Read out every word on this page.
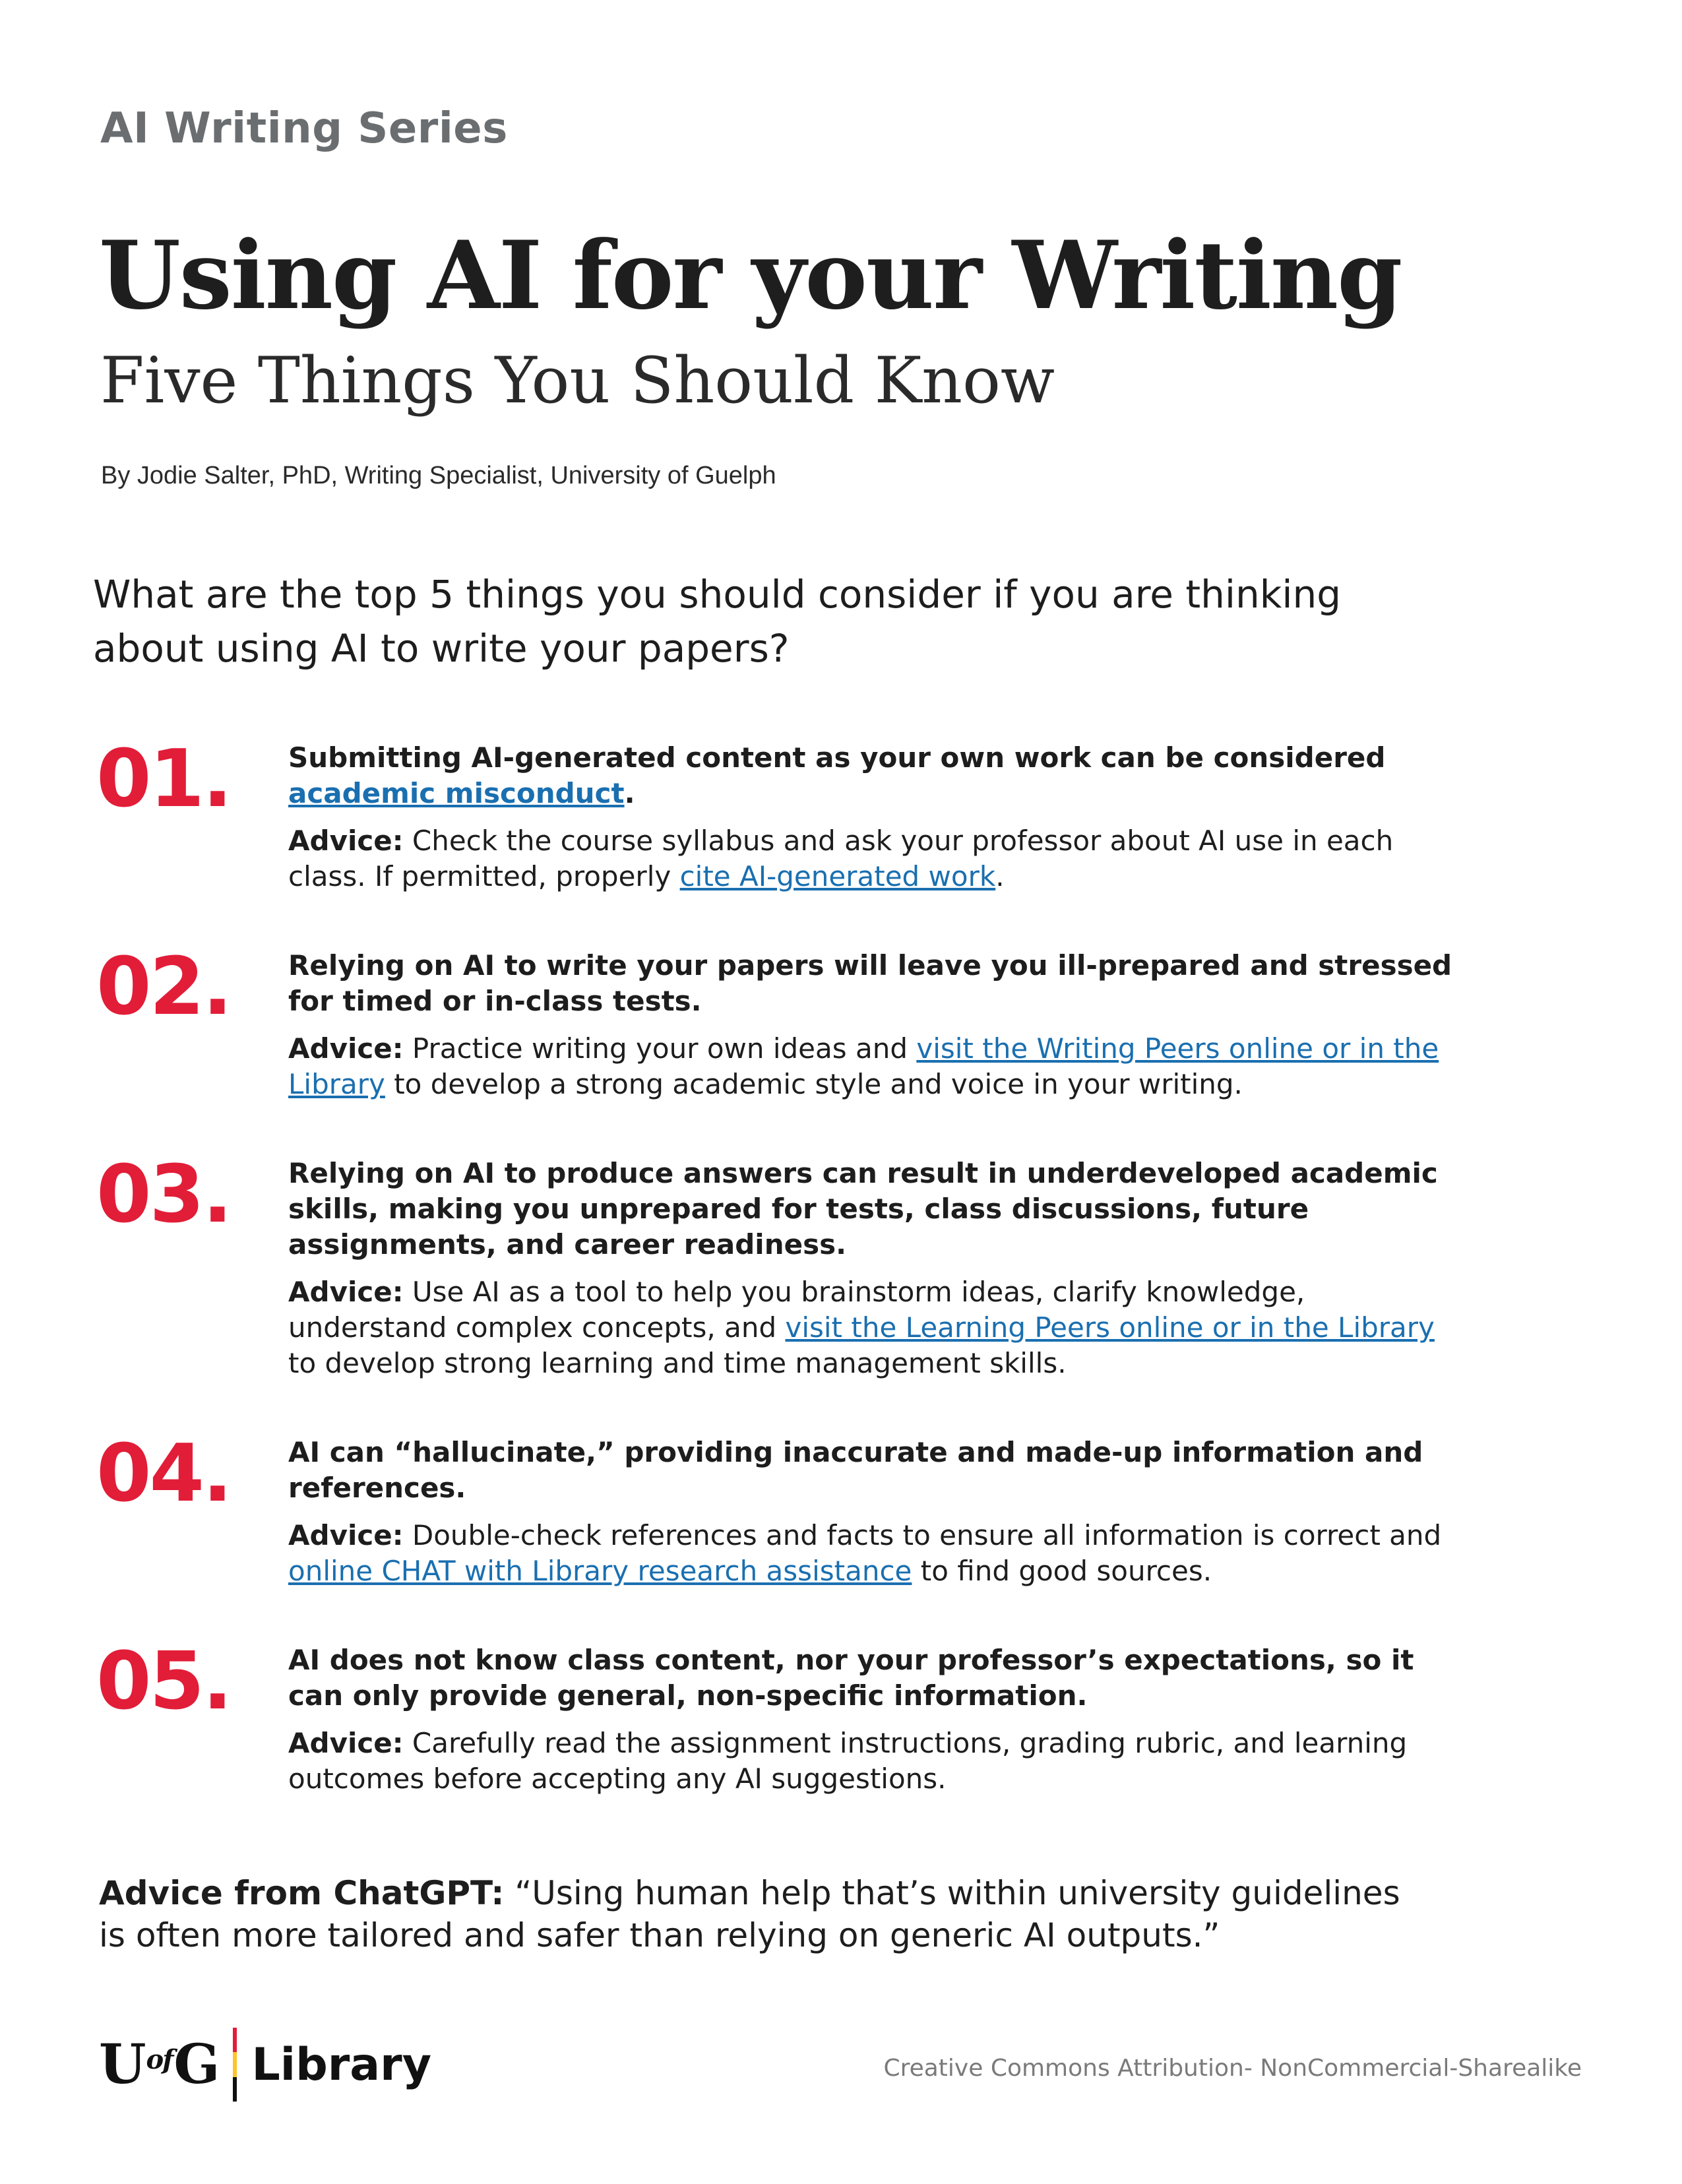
AI Writing Series
Using AI for your Writing
Five Things You Should Know
By Jodie Salter, PhD, Writing Specialist, University of Guelph

What are the top 5 things you should consider if you are thinking about using AI to write your papers?

01. Submitting AI-generated content as your own work can be considered academic misconduct.

Advice: Check the course syllabus and ask your professor about AI use in each class. If permitted, properly cite AI-generated work.

02. Relying on AI to write your papers will leave you ill-prepared and stressed for timed or in-class tests.

Advice: Practice writing your own ideas and visit the Writing Peers online or in the Library to develop a strong academic style and voice in your writing.

03. Relying on AI to produce answers can result in underdeveloped academic skills, making you unprepared for tests, class discussions, future assignments, and career readiness.

Advice: Use AI as a tool to help you brainstorm ideas, clarify knowledge, understand complex concepts, and visit the Learning Peers online or in the Library to develop strong learning and time management skills.

04. AI can “hallucinate,” providing inaccurate and made-up information and references.

Advice: Double-check references and facts to ensure all information is correct and online CHAT with Library research assistance to find good sources.

05. AI does not know class content, nor your professor’s expectations, so it can only provide general, non-specific information.

Advice: Carefully read the assignment instructions, grading rubric, and learning outcomes before accepting any AI suggestions.

Advice from ChatGPT: “Using human help that’s within university guidelines is often more tailored and safer than relying on generic AI outputs.”

U of G Library	Creative Commons Attribution- NonCommercial-Sharealike
